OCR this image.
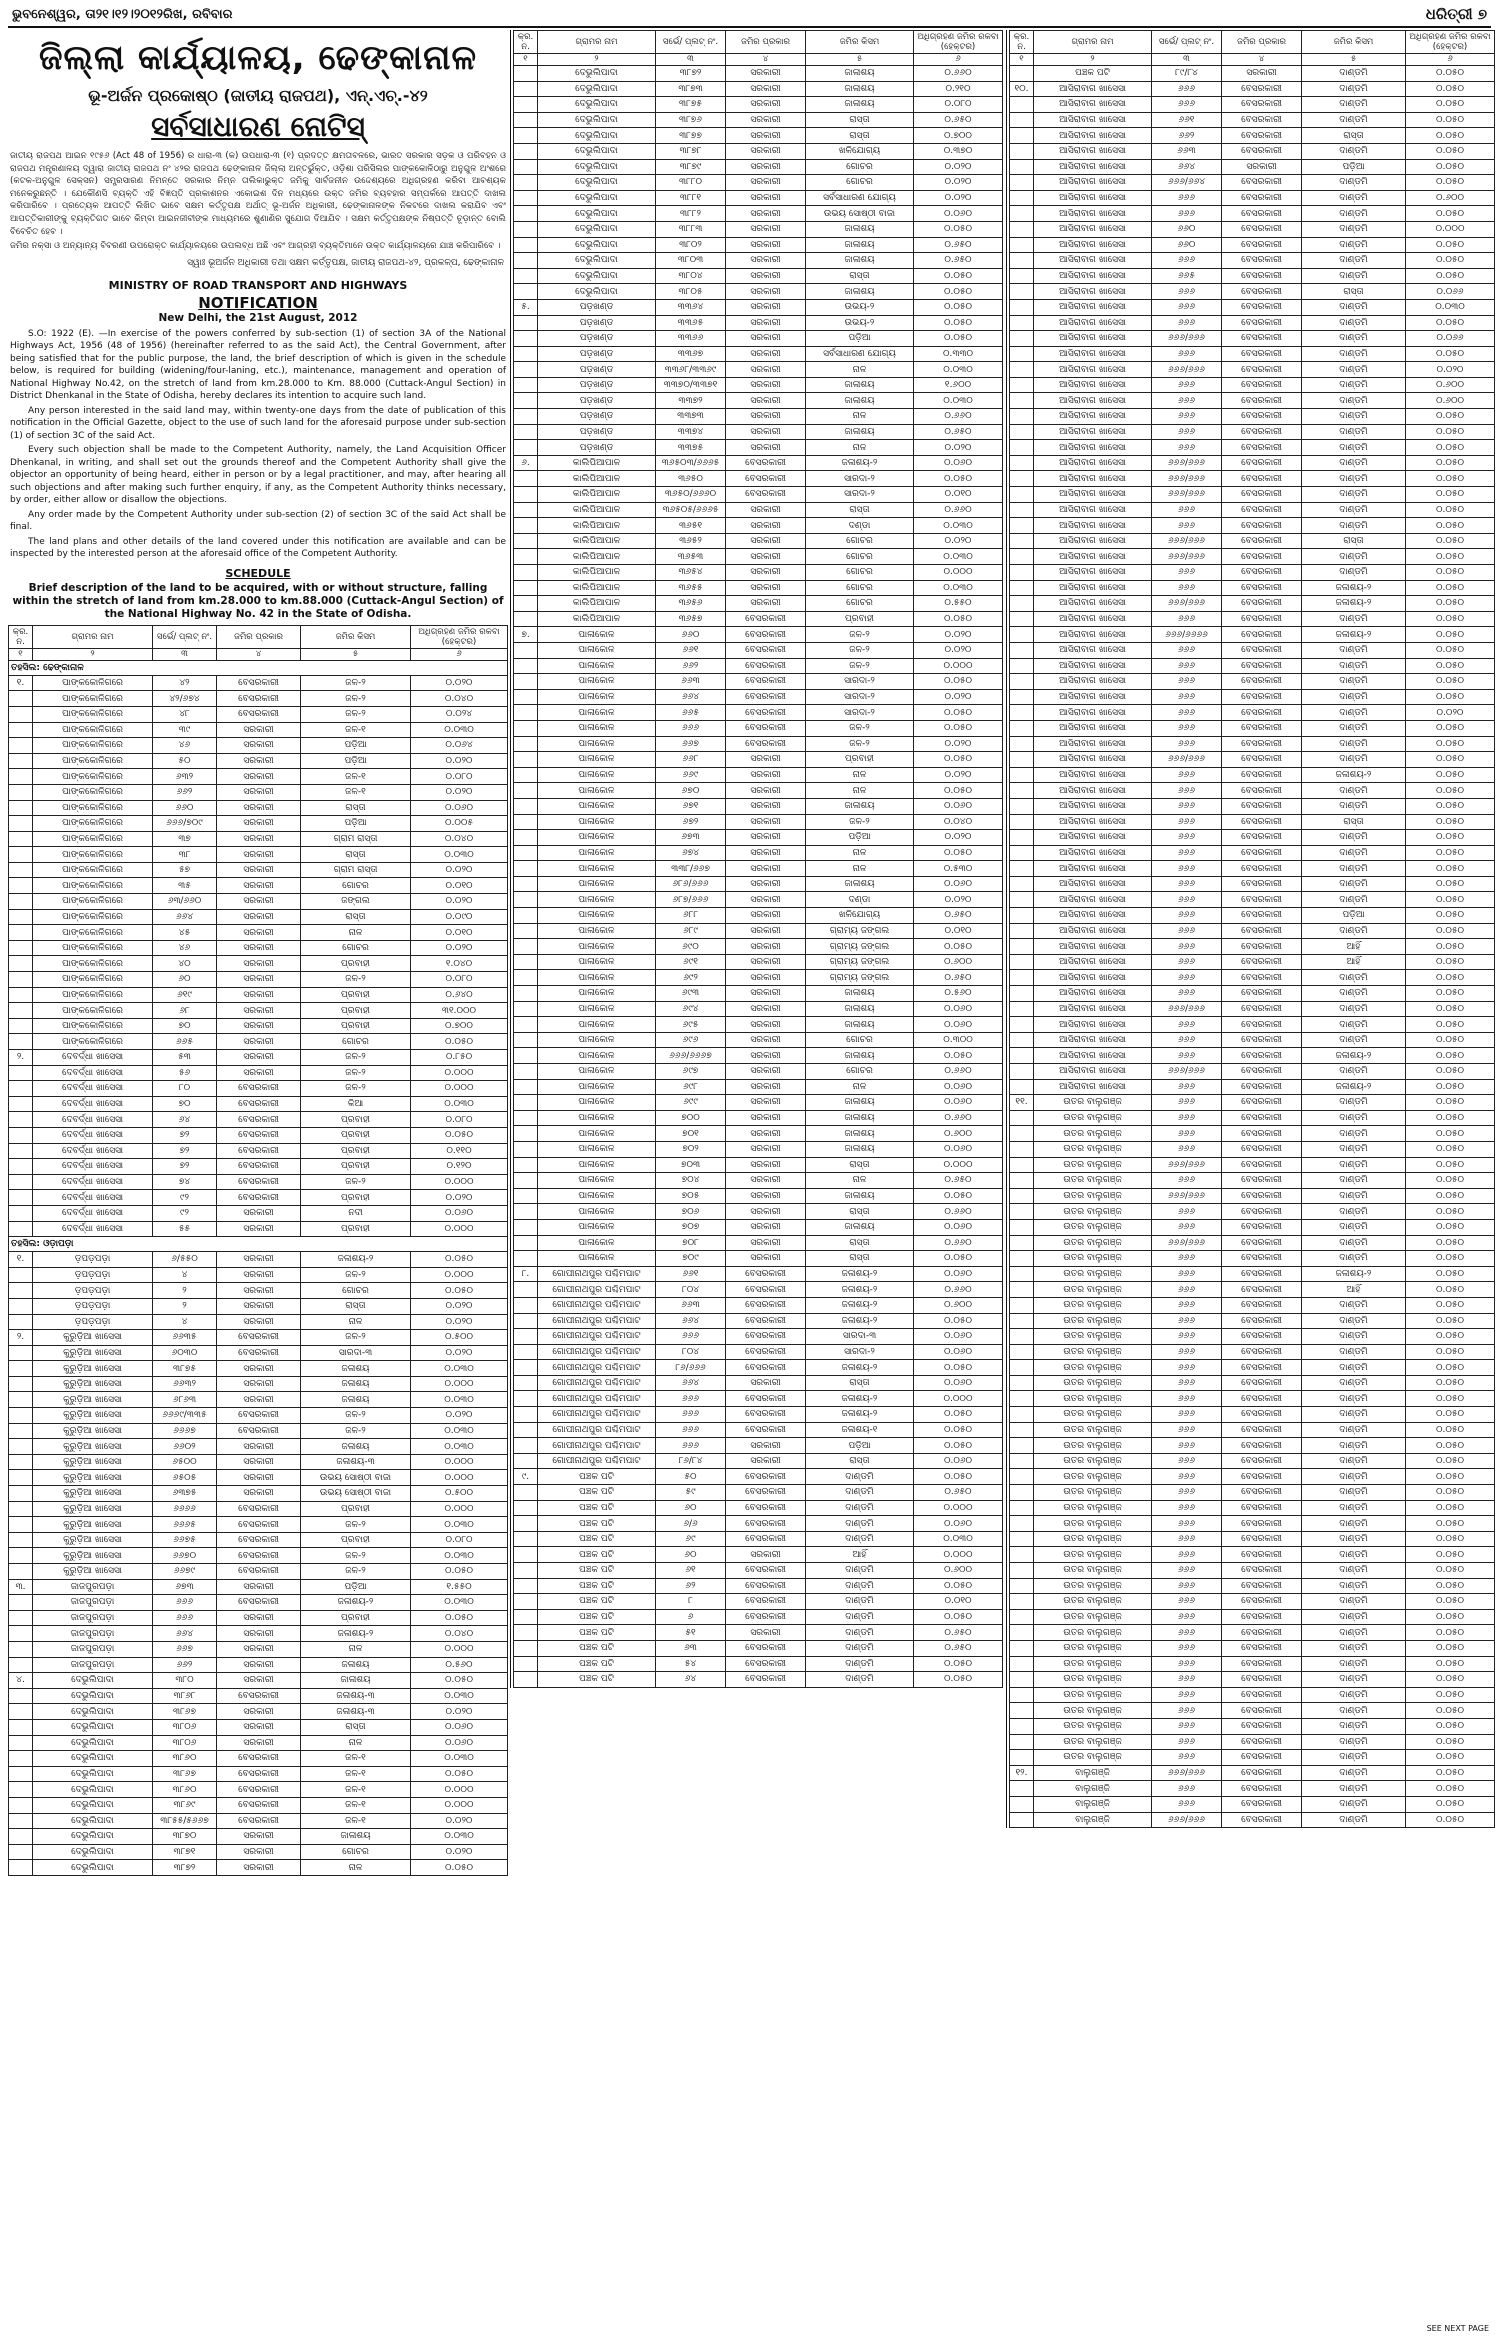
ଭୁବନେଶ୍ୱର, ତା୨୧।୧୨।୨୦୧୨ରିଖ, ରବିବାର	ଧରିତ୍ରୀ ୭
ଜିଲ୍ଲା କାର୍ଯ୍ୟାଳୟ, ଢେଙ୍କାନାଳ
ଭୂ-ଅର୍ଜନ ପ୍ରକୋଷ୍ଠ (ଜାତୀୟ ରାଜପଥ), ଏନ୍.ଏଚ୍.-୪୨
ସର୍ବସାଧାରଣ ନୋଟିସ୍

ଜାତୀୟ ରାଜପଥ ଆଇନ ୧୯୫୬ (Act 48 of 1956) ର ଧାରା-୩ (କ) ଉପଧାରା-୩ (୧) ପ୍ରଦତ୍ତ କ୍ଷମତାବଳରେ, ଭାରତ ସରକାର ସଡ଼କ ଓ ପରିବହନ ଓ ରାଜପଥ ମନ୍ତ୍ରଣାଳୟ ଦ୍ୱାରା ଜାତୀୟ ରାଜପଥ ନଂ ୪୨ର ରାଜପଥ ଢେଙ୍କାନାଳ ଜିଲ୍ଲା ଅନ୍ତର୍ଭୁକ୍ତ, ଓଡ଼ିଶା ପରିସିଲର ପାଙ୍କକୋଳିଠାରୁ ଅନୁଗୁଳ ଅଂଶରେ (କଟକ-ଅନୁଗୁଳ ସେକ୍ସନ) ସମ୍ପ୍ରସାରଣ ନିମନ୍ତେ ସରକାର ନିମ୍ନ ତାଲିକାଭୁକ୍ତ ଜମିକୁ ସାର୍ବଜନୀନ ଉଦ୍ଦେଶ୍ୟରେ ଅଧିଗ୍ରହଣ କରିବା ଆବଶ୍ୟକ ମନେକରୁଛନ୍ତି । ଯେକୌଣସି ବ୍ୟକ୍ତି ଏହି ବିଜ୍ଞପ୍ତି ପ୍ରକାଶନର ଏକୋଇଶ ଦିନ ମଧ୍ୟରେ ଉକ୍ତ ଜମିର ବ୍ୟବହାର ସମ୍ପର୍କରେ ଆପତ୍ତି ଦାଖଲ କରିପାରିବେ । ପ୍ରତ୍ୟେକ ଆପତ୍ତି ଲିଖିତ ଭାବେ ସକ୍ଷମ କର୍ତ୍ତୃପକ୍ଷ ଅର୍ଥାତ୍ ଭୂ-ଅର୍ଜନ ଅଧିକାରୀ, ଢେଙ୍କାନାଳଙ୍କ ନିକଟରେ ଦାଖଲ କରାଯିବ ଏବଂ ଆପତ୍ତିକାରୀଙ୍କୁ ବ୍ୟକ୍ତିଗତ ଭାବେ କିମ୍ବା ଆଇନଜୀବୀଙ୍କ ମାଧ୍ୟମରେ ଶୁଣାଣିର ସୁଯୋଗ ଦିଆଯିବ । ସକ୍ଷମ କର୍ତ୍ତୃପକ୍ଷଙ୍କ ନିଷ୍ପତ୍ତି ଚୂଡ଼ାନ୍ତ ବୋଲି ବିବେଚିତ ହେବ ।

ଜମିର ନକ୍ସା ଓ ଅନ୍ୟାନ୍ୟ ବିବରଣୀ ଉପରୋକ୍ତ କାର୍ଯ୍ୟାଳୟରେ ଉପଲବ୍ଧ ଅଛି ଏବଂ ଆଗ୍ରହୀ ବ୍ୟକ୍ତିମାନେ ଉକ୍ତ କାର୍ଯ୍ୟାଳୟରେ ଯାଞ୍ଚ କରିପାରିବେ ।

ସ୍ୱାଃ ଭୂଅର୍ଜନ ଅଧିକାରୀ ତଥା ସକ୍ଷମ କର୍ତ୍ତୃପକ୍ଷ, ଜାତୀୟ ରାଜପଥ-୪୨, ପ୍ରକଳ୍ପ, ଢେଙ୍କାନାଳ
MINISTRY OF ROAD TRANSPORT AND HIGHWAYS
NOTIFICATION
New Delhi, the 21st August, 2012

S.O: 1922 (E). —In exercise of the powers conferred by sub-section (1) of section 3A of the National Highways Act, 1956 (48 of 1956) (hereinafter referred to as the said Act), the Central Government, after being satisfied that for the public purpose, the land, the brief description of which is given in the schedule below, is required for building (widening/four-laning, etc.), maintenance, management and operation of National Highway No.42, on the stretch of land from km.28.000 to Km. 88.000 (Cuttack-Angul Section) in District Dhenkanal in the State of Odisha, hereby declares its intention to acquire such land.

Any person interested in the said land may, within twenty-one days from the date of publication of this notification in the Official Gazette, object to the use of such land for the aforesaid purpose under sub-section (1) of section 3C of the said Act.

Every such objection shall be made to the Competent Authority, namely, the Land Acquisition Officer Dhenkanal, in writing, and shall set out the grounds thereof and the Competent Authority shall give the objector an opportunity of being heard, either in person or by a legal practitioner, and may, after hearing all such objections and after making such further enquiry, if any, as the Competent Authority thinks necessary, by order, either allow or disallow the objections.

Any order made by the Competent Authority under sub-section (2) of section 3C of the said Act shall be final.

The land plans and other details of the land covered under this notification are available and can be inspected by the interested person at the aforesaid office of the Competent Authority.

SCHEDULE
Brief description of the land to be acquired, with or without structure, falling within the stretch of land from km.28.000 to km.88.000 (Cuttack-Angul Section) of the National Highway No. 42 in the State of Odisha.
କ୍ର. ନ.	ଗ୍ରାମର ନାମ	ସର୍ଭେ/ ପ୍ଲଟ୍ ନଂ.	ଜମିର ପ୍ରକାର	ଜମିର କିସମ	ଅଧିଗ୍ରହଣ ଜମିର ରକବା (ହେକ୍ଟର)
୧	୨	୩	୪	୫	୬
ତହସିଲ: ଢେଙ୍କାନାଳ					
୧.	ପାଙ୍କକୋଳିଗରେ	୪୨	ବେସରକାରୀ	ଜଳ-୨	୦.୦୨୦
	ପାଙ୍କକୋଳିଗରେ	୪୨/୬୭୪	ବେସରକାରୀ	ଜଳ-୨	୦.୦୪୦
	ପାଙ୍କକୋଳିଗରେ	୪୮	ବେସରକାରୀ	ଜଳ-୨	୦.୦୨୪
	ପାଙ୍କକୋଳିଗରେ	୩୯	ସରକାରୀ	ଜଳ-୧	୦.୦୩୦
	ପାଙ୍କକୋଳିଗରେ	୪୬	ସରକାରୀ	ପଡ଼ିଆ	୦.୦୬୪
	ପାଙ୍କକୋଳିଗରେ	୫୦	ସରକାରୀ	ପଡ଼ିଆ	୦.୦୨୦
	ପାଙ୍କକୋଳିଗରେ	୬୩୨	ସରକାରୀ	ଜଳ-୧	୦.୦୮୦
	ପାଙ୍କକୋଳିଗରେ	୬୬୨	ସରକାରୀ	ଜଳ-୧	୦.୦୨୦
	ପାଙ୍କକୋଳିଗରେ	୬୬୦	ସରକାରୀ	ରାସ୍ତା	୦.୦୬୦
	ପାଙ୍କକୋଳିଗରେ	୬୬୬/୭୦୯	ସରକାରୀ	ପଡ଼ିଆ	୦.୦୦୫
	ପାଙ୍କକୋଳିଗରେ	୩୭	ସରକାରୀ	ଗ୍ରାମ ରାସ୍ତା	୦.୦୪୦
	ପାଙ୍କକୋଳିଗରେ	୩୮	ସରକାରୀ	ରାସ୍ତା	୦.୦୩୦
	ପାଙ୍କକୋଳିଗରେ	୫୭	ସରକାରୀ	ଗ୍ରାମ ରାସ୍ତା	୦.୦୨୦
	ପାଙ୍କକୋଳିଗରେ	୩୫	ସରକାରୀ	ଗୋଚର	୦.୦୧୦
	ପାଙ୍କକୋଳିଗରେ	୬୩/୬୬୦	ସରକାରୀ	ଜଙ୍ଗଲ	୦.୦୨୦
	ପାଙ୍କକୋଳିଗରେ	୬୬୪	ସରକାରୀ	ରାସ୍ତା	୦.୦୯୦
	ପାଙ୍କକୋଳିଗରେ	୪୫	ସରକାରୀ	ନାଳ	୦.୦୧୦
	ପାଙ୍କକୋଳିଗରେ	୪୬	ସରକାରୀ	ଗୋଚର	୦.୦୨୦
	ପାଙ୍କକୋଳିଗରେ	୪୦	ସରକାରୀ	ପ୍ରବାହୀ	୧.୦୪୦
	ପାଙ୍କକୋଳିଗରେ	୬୦	ସରକାରୀ	ଜଳ-୨	୦.୦୮୦
	ପାଙ୍କକୋଳିଗରେ	୬୧୯	ସରକାରୀ	ପ୍ରବାହୀ	୦.୬୪୦
	ପାଙ୍କକୋଳିଗରେ	୬୮	ସରକାରୀ	ପ୍ରବାହୀ	୩୧.୦୦୦
	ପାଙ୍କକୋଳିଗରେ	୭୦	ସରକାରୀ	ପ୍ରବାହୀ	୦.୭୦୦
	ପାଙ୍କକୋଳିଗରେ	୬୬୫	ସରକାରୀ	ଗୋଚର	୦.୦୫୦
୨.	ଦେବର୍ଦ୍ଧା ଖାସେସା	୫୩	ସରକାରୀ	ଜଳ-୨	୦.୮୫୦
	ଦେବର୍ଦ୍ଧା ଖାସେସା	୫୬	ସରକାରୀ	ଜଳ-୨	୦.୦୦୦
	ଦେବର୍ଦ୍ଧା ଖାସେସା	୮୦	ବେସରକାରୀ	ଜଳ-୨	୦.୦୦୦
	ଦେବର୍ଦ୍ଧା ଖାସେସା	୭୦	ବେସରକାରୀ	କିଆ	୦.୦୩୦
	ଦେବର୍ଦ୍ଧା ଖାସେସା	୬୪	ବେସରକାରୀ	ପ୍ରବାହୀ	୦.୦୮୦
	ଦେବର୍ଦ୍ଧା ଖାସେସା	୭୨	ବେସରକାରୀ	ପ୍ରବାହୀ	୦.୦୫୦
	ଦେବର୍ଦ୍ଧା ଖାସେସା	୭୨	ବେସରକାରୀ	ପ୍ରବାହୀ	୦.୧୧୦
	ଦେବର୍ଦ୍ଧା ଖାସେସା	୭୨	ବେସରକାରୀ	ପ୍ରବାହୀ	୦.୧୨୦
	ଦେବର୍ଦ୍ଧା ଖାସେସା	୭୪	ବେସରକାରୀ	ଜଳ-୨	୦.୦୦୦
	ଦେବର୍ଦ୍ଧା ଖାସେସା	୯୨	ବେସରକାରୀ	ପ୍ରବାହୀ	୦.୦୨୦
	ଦେବର୍ଦ୍ଧା ଖାସେସା	୯୨	ସରକାରୀ	ନଦୀ	୦.୦୬୦
	ଦେବର୍ଦ୍ଧା ଖାସେସା	୫୫	ସରକାରୀ	ପ୍ରବାହୀ	୦.୦୦୦
ତହସିଲ: ଓଡ଼ାପଡ଼ା					
୧.	ଡ଼ପଡ଼ପଡ଼ା	୬/୫୫୦	ସରକାରୀ	ଜଳାଶୟ-୨	୦.୦୫୦
	ଡ଼ପଡ଼ପଡ଼ା	୪	ସରକାରୀ	ଜଳ-୨	୦.୦୦୦
	ଡ଼ପଡ଼ପଡ଼ା	୨	ସରକାରୀ	ଗୋଚର	୦.୦୫୦
	ଡ଼ପଡ଼ପଡ଼ା	୨	ସରକାରୀ	ରାସ୍ତା	୦.୦୨୦
	ଡ଼ପଡ଼ପଡ଼ା	୪	ସରକାରୀ	ନାଳ	୦.୦୨୦
୨.	କୁରୁଡ଼ିଆ ଖାସେସା	୬୬୩୫	ବେସରକାରୀ	ଜଳ-୨	୦.୫୦୦
	କୁରୁଡ଼ିଆ ଖାସେସା	୬୦୩୦	ବେସରକାରୀ	ସାରଦା-୩	୦.୦୨୦
	କୁରୁଡ଼ିଆ ଖାସେସା	୩୮୭୫	ସରକାରୀ	ଜଳାଶୟ	୦.୦୩୦
	କୁରୁଡ଼ିଆ ଖାସେସା	୬୬୩୨	ସରକାରୀ	ଜଳାଶୟ	୦.୦୦୦
	କୁରୁଡ଼ିଆ ଖାସେସା	୬୮୬୩	ସରକାରୀ	ଜଳାଶୟ	୦.୦୩୦
	କୁରୁଡ଼ିଆ ଖାସେସା	୬୬୬୯/୩୩୫	ବେସରକାରୀ	ଜଳ-୨	୦.୦୨୦
	କୁରୁଡ଼ିଆ ଖାସେସା	୬୬୬୭	ବେସରକାରୀ	ଜଳ-୨	୦.୦୩୦
	କୁରୁଡ଼ିଆ ଖାସେସା	୬୬୦୨	ସରକାରୀ	ଜଳାଶୟ	୦.୦୩୦
	କୁରୁଡ଼ିଆ ଖାସେସା	୬୫୦୦	ସରକାରୀ	ଜଳାଶୟ-୩	୦.୦୦୦
	କୁରୁଡ଼ିଆ ଖାସେସା	୬୫୦୫	ସରକାରୀ	ଉଭୟ ସୋଷ୍ଠୀ ବାଜା	୦.୦୦୦
	କୁରୁଡ଼ିଆ ଖାସେସା	୬୩୭୫	ସରକାରୀ	ଉଭୟ ସୋଷ୍ଠୀ ବାଜା	୦.୫୦୦
	କୁରୁଡ଼ିଆ ଖାସେସା	୬୬୬୬	ବେସରକାରୀ	ପ୍ରବାହୀ	୦.୦୦୦
	କୁରୁଡ଼ିଆ ଖାସେସା	୬୬୬୫	ବେସରକାରୀ	ଜଳ-୨	୦.୦୩୦
	କୁରୁଡ଼ିଆ ଖାସେସା	୬୬୭୫	ବେସରକାରୀ	ପ୍ରବାହୀ	୦.୦୮୦
	କୁରୁଡ଼ିଆ ଖାସେସା	୬୬୭୦	ବେସରକାରୀ	ଜଳ-୨	୦.୦୩୦
	କୁରୁଡ଼ିଆ ଖାସେସା	୬୬୭୯	ବେସରକାରୀ	ଜଳ-୨	୦.୦୫୦
୩.	ଜାଜପୁରପଡ଼ା	୬୭୩	ସରକାରୀ	ପଡ଼ିଆ	୧.୫୫୦
	ଜାଜପୁରପଡ଼ା	୬୬୬	ବେସରକାରୀ	ଜଳାଶୟ-୨	୦.୦୩୦
	ଜାଜପୁରପଡ଼ା	୬୬୬	ସରକାରୀ	ପ୍ରବାହୀ	୦.୦୫୦
	ଜାଜପୁରପଡ଼ା	୬୬୪	ସରକାରୀ	ଜଳାଶୟ-୨	୦.୦୪୦
	ଜାଜପୁରପଡ଼ା	୬୬୭	ସରକାରୀ	ନାଳ	୦.୦୦୦
	ଜାଜପୁରପଡ଼ା	୬୬୨	ସରକାରୀ	ଜଳାଶୟ	୦.୫୬୦
୪.	ଦେଭୁଲିପାଦା	୩୮୦	ସରକାରୀ	ଜାଳାଶୟ	୦.୦୫୦
	ଦେଭୁଲିପାଦା	୩୮୬୮	ବେସରକାରୀ	ଜଳାଶୟ-୩	୦.୦୩୦
	ଦେଭୁଲିପାଦା	୩୮୬୭	ସରକାରୀ	ଜଳାଶୟ-୩	୦.୦୨୦
	ଦେଭୁଲିପାଦା	୩୮୦୬	ସରକାରୀ	ରାସ୍ତା	୦.୦୬୦
	ଦେଭୁଲିପାଦା	୩୮୦୬	ସରକାରୀ	ନାଳ	୦.୦୬୦
	ଦେଭୁଲିପାଦା	୩୮୬୦	ବେସରକାରୀ	ଜଳ-୧	୦.୦୩୦
	ଦେଭୁଲିପାଦା	୩୮୬୭	ବେସରକାରୀ	ଜଳ-୧	୦.୦୫୦
	ଦେଭୁଲିପାଦା	୩୮୬୦	ବେସରକାରୀ	ଜଳ-୧	୦.୦୦୦
	ଦେଭୁଲିପାଦା	୩୮୬୯	ବେସରକାରୀ	ଜଳ-୧	୦.୦୦୦
	ଦେଭୁଲିପାଦା	୩୮୫୫/୫୬୬୭	ବେସରକାରୀ	ଜଳ-୧	୦.୦୨୦
	ଦେଭୁଲିପାଦା	୩୮୭୦	ସରକାରୀ	ଜାଳାଶୟ	୦.୦୩୦
	ଦେଭୁଲିପାଦା	୩୮୭୧	ସରକାରୀ	ଗୋଚର	୦.୦୨୦
	ଦେଭୁଲିପାଦା	୩୮୭୨	ସରକାରୀ	ନାଳ	୦.୦୫୦
କ୍ର. ନ.	ଗ୍ରାମର ନାମ	ସର୍ଭେ/ ପ୍ଲଟ୍ ନଂ.	ଜମିର ପ୍ରକାର	ଜମିର କିସମ	ଅଧିଗ୍ରହଣ ଜମିର ରକବା (ହେକ୍ଟର)
୧	୨	୩	୪	୫	୬
	ଦେଭୁଲିପାଦା	୩୮୭୨	ସରକାରୀ	ଜାଳାଶୟ	୦.୬୬୦
	ଦେଭୁଲିପାଦା	୩୮୭୩	ସରକାରୀ	ଜାଳାଶୟ	୦.୨୧୦
	ଦେଭୁଲିପାଦା	୩୮୭୫	ସରକାରୀ	ଜାଳାଶୟ	୦.୦୮୦
	ଦେଭୁଲିପାଦା	୩୮୭୬	ସରକାରୀ	ରାସ୍ତା	୦.୬୫୦
	ଦେଭୁଲିପାଦା	୩୮୭୭	ସରକାରୀ	ରାସ୍ତା	୦.୭୦୦
	ଦେଭୁଲିପାଦା	୩୮୭୮	ସରକାରୀ	ଖଳିଯୋଗ୍ୟ	୦.୩୭୦
	ଦେଭୁଲିପାଦା	୩୮୭୯	ସରକାରୀ	ଗୋଚର	୦.୦୨୦
	ଦେଭୁଲିପାଦା	୩୮୮୦	ସରକାରୀ	ଗୋଚର	୦.୦୨୦
	ଦେଭୁଲିପାଦା	୩୮୮୧	ସରକାରୀ	ସର୍ବସାଧାରଣ ଯୋଗ୍ୟ	୦.୦୨୦
	ଦେଭୁଲିପାଦା	୩୮୮୨	ସରକାରୀ	ଉଭୟ ସୋଷ୍ଠୀ ବାଜା	୦.୦୬୦
	ଦେଭୁଲିପାଦା	୩୮୮୩	ସରକାରୀ	ଜାଳାଶୟ	୦.୦୫୦
	ଦେଭୁଲିପାଦା	୩୮୦୨	ସରକାରୀ	ଜାଳାଶୟ	୦.୬୫୦
	ଦେଭୁଲିପାଦା	୩୮୦୩	ସରକାରୀ	ଜାଳାଶୟ	୦.୬୫୦
	ଦେଭୁଲିପାଦା	୩୮୦୪	ସରକାରୀ	ରାସ୍ତା	୦.୦୫୦
	ଦେଭୁଲିପାଦା	୩୮୦୫	ସରକାରୀ	ଜାଳାଶୟ	୦.୦୫୦
୫.	ପଡ଼ଖଣ୍ଡ	୩୩୬୪	ସରକାରୀ	ଉଭୟ-୨	୦.୦୫୦
	ପଡ଼ଖଣ୍ଡ	୩୩୬୫	ସରକାରୀ	ଉଭୟ-୨	୦.୦୫୦
	ପଡ଼ଖଣ୍ଡ	୩୩୬୬	ସରକାରୀ	ପଡ଼ିଆ	୦.୦୫୦
	ପଡ଼ଖଣ୍ଡ	୩୩୬୭	ସରକାରୀ	ସର୍ବସାଧାରଣ ଯୋଗ୍ୟ	୦.୩୩୦
	ପଡ଼ଖଣ୍ଡ	୩୩୬୮/୩୩୬୯	ସରକାରୀ	ନାଳ	୦.୦୩୦
	ପଡ଼ଖଣ୍ଡ	୩୩୭୦/୩୩୭୧	ସରକାରୀ	ଜାଳାଶୟ	୧.୬୦୦
	ପଡ଼ଖଣ୍ଡ	୩୩୭୨	ସରକାରୀ	ଜାଳାଶୟ	୦.୦୩୦
	ପଡ଼ଖଣ୍ଡ	୩୩୭୩	ସରକାରୀ	ନାଳ	୦.୬୬୦
	ପଡ଼ଖଣ୍ଡ	୩୩୭୪	ସରକାରୀ	ଜାଳାଶୟ	୦.୬୫୦
	ପଡ଼ଖଣ୍ଡ	୩୩୭୫	ସରକାରୀ	ନାଳ	୦.୦୨୦
୬.	କାଲିପିଆପାଳ	୩୬୫୦୩/୬୬୬୫	ବେସରକାରୀ	ଜଳାଶୟ-୨	୦.୦୬୦
	କାଲିପିଆପାଳ	୩୬୫୦	ବେସରକାରୀ	ସାରଦା-୨	୦.୦୫୦
	କାଲିପିଆପାଳ	୩୬୫୦/୬୬୬୦	ବେସରକାରୀ	ସାରଦା-୨	୦.୦୧୦
	କାଲିପିଆପାଳ	୩୬୫୦୫/୬୬୬୫	ସରକାରୀ	ରାସ୍ତା	୦.୬୬୦
	କାଲିପିଆପାଳ	୩୬୫୧	ସରକାରୀ	ଦଣ୍ଡା	୦.୦୩୦
	କାଲିପିଆପାଳ	୩୬୫୨	ସରକାରୀ	ଗୋଚର	୦.୦୨୦
	କାଲିପିଆପାଳ	୩୬୫୩	ସରକାରୀ	ଗୋଚର	୦.୦୩୦
	କାଲିପିଆପାଳ	୩୬୫୪	ସରକାରୀ	ଗୋଚର	୦.୦୦୦
	କାଲିପିଆପାଳ	୩୬୫୫	ସରକାରୀ	ଗୋଚର	୦.୦୩୦
	କାଲିପିଆପାଳ	୩୬୫୬	ସରକାରୀ	ଗୋଚର	୦.୫୫୦
	କାଲିପିଆପାଳ	୩୬୫୭	ବେସରକାରୀ	ପ୍ରବାହୀ	୦.୦୫୦
୭.	ପାଳାକୋଳ	୬୬୦	ବେସରକାରୀ	ଜଳ-୨	୦.୦୨୦
	ପାଳାକୋଳ	୬୬୧	ବେସରକାରୀ	ଜଳ-୨	୦.୦୨୦
	ପାଳାକୋଳ	୬୬୨	ବେସରକାରୀ	ଜଳ-୨	୦.୦୦୦
	ପାଳାକୋଳ	୬୬୩	ବେସରକାରୀ	ସାରଦା-୨	୦.୦୫୦
	ପାଳାକୋଳ	୬୬୪	ବେସରକାରୀ	ସାରଦା-୨	୦.୦୨୦
	ପାଳାକୋଳ	୬୬୫	ବେସରକାରୀ	ସାରଦା-୨	୦.୦୫୦
	ପାଳାକୋଳ	୬୬୬	ବେସରକାରୀ	ଜଳ-୨	୦.୦୫୦
	ପାଳାକୋଳ	୬୬୭	ବେସରକାରୀ	ଜଳ-୨	୦.୦୨୦
	ପାଳାକୋଳ	୬୬୮	ସରକାରୀ	ପ୍ରବାହୀ	୦.୦୫୦
	ପାଳାକୋଳ	୬୬୯	ସରକାରୀ	ନାଳ	୦.୦୨୦
	ପାଳାକୋଳ	୬୭୦	ସରକାରୀ	ନାଳ	୦.୦୫୦
	ପାଳାକୋଳ	୬୭୧	ସରକାରୀ	ଜାଳାଶୟ	୦.୦୬୦
	ପାଳାକୋଳ	୬୭୨	ସରକାରୀ	ଜଳ-୨	୦.୦୪୦
	ପାଳାକୋଳ	୬୭୩	ସରକାରୀ	ପଡ଼ିଆ	୦.୦୨୦
	ପାଳାକୋଳ	୬୭୪	ସରକାରୀ	ନାଳ	୦.୦୫୦
	ପାଳାକୋଳ	୩୩୮/୬୬୭	ସରକାରୀ	ନାଳ	୦.୫୩୦
	ପାଳାକୋଳ	୬୮୬/୬୬୬	ସରକାରୀ	ଜାଳାଶୟ	୦.୦୬୦
	ପାଳାକୋଳ	୬୮୭/୬୬୬	ସରକାରୀ	ଦଣ୍ଡା	୦.୦୨୦
	ପାଳାକୋଳ	୬୮୮	ସରକାରୀ	ଖଳିଯୋଗ୍ୟ	୦.୬୫୦
	ପାଳାକୋଳ	୬୮୯	ସରକାରୀ	ଗ୍ରାମ୍ୟ ଜଙ୍ଗଲ	୦.୦୧୦
	ପାଳାକୋଳ	୬୯୦	ସରକାରୀ	ଗ୍ରାମ୍ୟ ଜଙ୍ଗଲ	୦.୦୫୦
	ପାଳାକୋଳ	୬୯୧	ସରକାରୀ	ଗ୍ରାମ୍ୟ ଜଙ୍ଗଲ	୦.୬୦୦
	ପାଳାକୋଳ	୬୯୨	ସରକାରୀ	ଗ୍ରାମ୍ୟ ଜଙ୍ଗଲ	୦.୬୫୦
	ପାଳାକୋଳ	୬୯୩	ସରକାରୀ	ଜାଳାଶୟ	୦.୫୬୦
	ପାଳାକୋଳ	୬୯୪	ସରକାରୀ	ଜାଳାଶୟ	୦.୦୬୦
	ପାଳାକୋଳ	୬୯୫	ସରକାରୀ	ଜାଳାଶୟ	୦.୦୬୦
	ପାଳାକୋଳ	୬୯୬	ସରକାରୀ	ଗୋଚର	୦.୩୦୦
	ପାଳାକୋଳ	୬୬୬/୬୬୬୭	ସରକାରୀ	ଜାଳାଶୟ	୦.୦୫୦
	ପାଳାକୋଳ	୬୯୭	ସରକାରୀ	ଗୋଚର	୦.୬୬୦
	ପାଳାକୋଳ	୬୯୮	ସରକାରୀ	ନାଳ	୦.୦୬୦
	ପାଳାକୋଳ	୬୯୯	ସରକାରୀ	ଜାଳାଶୟ	୦.୦୬୦
	ପାଳାକୋଳ	୭୦୦	ସରକାରୀ	ଜାଳାଶୟ	୦.୬୬୦
	ପାଳାକୋଳ	୭୦୧	ସରକାରୀ	ଜାଳାଶୟ	୦.୬୦୦
	ପାଳାକୋଳ	୭୦୨	ସରକାରୀ	ଜାଳାଶୟ	୦.୦୬୦
	ପାଳାକୋଳ	୭୦୩	ସରକାରୀ	ରାସ୍ତା	୦.୦୦୦
	ପାଳାକୋଳ	୭୦୪	ସରକାରୀ	ନାଳ	୦.୬୫୦
	ପାଳାକୋଳ	୭୦୫	ସରକାରୀ	ଜାଳାଶୟ	୦.୦୫୦
	ପାଳାକୋଳ	୭୦୬	ସରକାରୀ	ରାସ୍ତା	୦.୬୬୦
	ପାଳାକୋଳ	୭୦୭	ସରକାରୀ	ଜାଳାଶୟ	୦.୦୬୦
	ପାଳାକୋଳ	୭୦୮	ସରକାରୀ	ରାସ୍ତା	୦.୬୬୦
	ପାଳାକୋଳ	୭୦୯	ସରକାରୀ	ରାସ୍ତା	୦.୦୫୦
୮.	ଗୋପୀନାଥପୁର ପଶ୍ଚିମପାଟ	୬୬୧	ବେସରକାରୀ	ଜଳାଶୟ-୨	୦.୦୬୦
	ଗୋପୀନାଥପୁର ପଶ୍ଚିମପାଟ	୮୦୪	ବେସରକାରୀ	ଜଳାଶୟ-୨	୦.୬୬୦
	ଗୋପୀନାଥପୁର ପଶ୍ଚିମପାଟ	୬୬୩	ବେସରକାରୀ	ଜଳାଶୟ-୨	୦.୬୦୦
	ଗୋପୀନାଥପୁର ପଶ୍ଚିମପାଟ	୬୬୪	ବେସରକାରୀ	ଜଳାଶୟ-୨	୦.୦୫୦
	ଗୋପୀନାଥପୁର ପଶ୍ଚିମପାଟ	୬୬୬	ବେସରକାରୀ	ସାରଦା-୩	୦.୦୬୦
	ଗୋପୀନାଥପୁର ପଶ୍ଚିମପାଟ	୮୦୪	ବେସରକାରୀ	ସାରଦା-୨	୦.୦୬୦
	ଗୋପୀନାଥପୁର ପଶ୍ଚିମପାଟ	୮୬/୬୬୬	ବେସରକାରୀ	ଜଳାଶୟ-୨	୦.୦୫୦
	ଗୋପୀନାଥପୁର ପଶ୍ଚିମପାଟ	୬୬୪	ସରକାରୀ	ରାସ୍ତା	୦.୦୬୦
	ଗୋପୀନାଥପୁର ପଶ୍ଚିମପାଟ	୬୬୬	ବେସରକାରୀ	ଜଳାଶୟ-୨	୦.୦୦୦
	ଗୋପୀନାଥପୁର ପଶ୍ଚିମପାଟ	୬୬୬	ବେସରକାରୀ	ଜଳାଶୟ-୨	୦.୦୫୦
	ଗୋପୀନାଥପୁର ପଶ୍ଚିମପାଟ	୬୬୬	ବେସରକାରୀ	ଜଳାଶୟ-୧	୦.୦୫୦
	ଗୋପୀନାଥପୁର ପଶ୍ଚିମପାଟ	୬୬୬	ସରକାରୀ	ପଡ଼ିଆ	୦.୦୫୦
	ଗୋପୀନାଥପୁର ପଶ୍ଚିମପାଟ	୮୬/୮୪	ସରକାରୀ	ରାସ୍ତା	୦.୦୬୦
୯.	ପଞ୍ଚକ ପଟି	୫୦	ବେସରକାରୀ	ଦାଣ୍ଡମି	୦.୦୫୦
	ପଞ୍ଚକ ପଟି	୫୯	ବେସରକାରୀ	ଦାଣ୍ଡମି	୦.୬୫୦
	ପଞ୍ଚକ ପଟି	୬୦	ବେସରକାରୀ	ଦାଣ୍ଡମି	୦.୦୦୦
	ପଞ୍ଚକ ପଟି	୬/୬	ବେସରକାରୀ	ଦାଣ୍ଡମି	୦.୦୬୦
	ପଞ୍ଚକ ପଟି	୬୯	ବେସରକାରୀ	ଦାଣ୍ଡମି	୦.୦୩୦
	ପଞ୍ଚକ ପଟି	୬୦	ସରକାରୀ	ଆହିଁ	୦.୦୦୦
	ପଞ୍ଚକ ପଟି	୬୧	ବେସରକାରୀ	ଦାଣ୍ଡମି	୦.୬୦୦
	ପଞ୍ଚକ ପଟି	୬୨	ବେସରକାରୀ	ଦାଣ୍ଡମି	୦.୦୫୦
	ପଞ୍ଚକ ପଟି	୮	ବେସରକାରୀ	ଦାଣ୍ଡମି	୦.୦୧୦
	ପଞ୍ଚକ ପଟି	୬	ବେସରକାରୀ	ଦାଣ୍ଡମି	୦.୦୫୦
	ପଞ୍ଚକ ପଟି	୫୧	ସରକାରୀ	ଦାଣ୍ଡମି	୦.୬୫୦
	ପଞ୍ଚକ ପଟି	୬୩	ବେସରକାରୀ	ଦାଣ୍ଡମି	୦.୬୫୦
	ପଞ୍ଚକ ପଟି	୫୪	ବେସରକାରୀ	ଦାଣ୍ଡମି	୦.୦୫୦
	ପଞ୍ଚକ ପଟି	୬୪	ବେସରକାରୀ	ଦାଣ୍ଡମି	୦.୦୫୦
କ୍ର. ନ.	ଗ୍ରାମର ନାମ	ସର୍ଭେ/ ପ୍ଲଟ୍ ନଂ.	ଜମିର ପ୍ରକାର	ଜମିର କିସମ	ଅଧିଗ୍ରହଣ ଜମିର ରକବା (ହେକ୍ଟର)
୧	୨	୩	୪	୫	୬
	ପଞ୍ଚକ ପଟି	୮୯/୮୪	ସରକାରୀ	ଦାଣ୍ଡମି	୦.୦୫୦
୧୦.	ଆସିରାବାଗ ଖାସେସା	୬୬୬	ବେସରକାରୀ	ଦାଣ୍ଡମି	୦.୦୫୦
	ଆସିରାବାଗ ଖାସେସା	୬୬୬	ବେସରକାରୀ	ଦାଣ୍ଡମି	୦.୦୫୦
	ଆସିରାବାଗ ଖାସେସା	୬୬୧	ବେସରକାରୀ	ଦାଣ୍ଡମି	୦.୦୫୦
	ଆସିରାବାଗ ଖାସେସା	୬୬୨	ବେସରକାରୀ	ରାସ୍ତା	୦.୦୫୦
	ଆସିରାବାଗ ଖାସେସା	୬୬୩	ବେସରକାରୀ	ଦାଣ୍ଡମି	୦.୦୫୦
	ଆସିରାବାଗ ଖାସେସା	୬୬୪	ସରକାରୀ	ପଡ଼ିଆ	୦.୦୫୦
	ଆସିରାବାଗ ଖାସେସା	୬୬୬/୬୬୪	ବେସରକାରୀ	ଦାଣ୍ଡମି	୦.୦୫୦
	ଆସିରାବାଗ ଖାସେସା	୬୬୬	ବେସରକାରୀ	ଦାଣ୍ଡମି	୦.୬୦୦
	ଆସିରାବାଗ ଖାସେସା	୬୬୬	ବେସରକାରୀ	ଦାଣ୍ଡମି	୦.୦୫୦
	ଆସିରାବାଗ ଖାସେସା	୬୬୦	ବେସରକାରୀ	ଦାଣ୍ଡମି	୦.୦୦୦
	ଆସିରାବାଗ ଖାସେସା	୬୬୦	ବେସରକାରୀ	ଦାଣ୍ଡମି	୦.୦୫୦
	ଆସିରାବାଗ ଖାସେସା	୬୬୬	ବେସରକାରୀ	ଦାଣ୍ଡମି	୦.୦୫୦
	ଆସିରାବାଗ ଖାସେସା	୬୬୫	ବେସରକାରୀ	ଦାଣ୍ଡମି	୦.୦୫୦
	ଆସିରାବାଗ ଖାସେସା	୬୬୬	ବେସରକାରୀ	ରାସ୍ତା	୦.୦୬୬
	ଆସିରାବାଗ ଖାସେସା	୬୬୬	ବେସରକାରୀ	ଦାଣ୍ଡମି	୦.୦୩୦
	ଆସିରାବାଗ ଖାସେସା	୬୬୬	ବେସରକାରୀ	ଦାଣ୍ଡମି	୦.୦୫୦
	ଆସିରାବାଗ ଖାସେସା	୬୬୬/୬୬୬	ବେସରକାରୀ	ଦାଣ୍ଡମି	୦.୦୬୬
	ଆସିରାବାଗ ଖାସେସା	୬୬୬	ବେସରକାରୀ	ଦାଣ୍ଡମି	୦.୦୫୦
	ଆସିରାବାଗ ଖାସେସା	୬୬୬/୬୬୬	ବେସରକାରୀ	ଦାଣ୍ଡମି	୦.୦୨୦
	ଆସିରାବାଗ ଖାସେସା	୬୬୬	ବେସରକାରୀ	ଦାଣ୍ଡମି	୦.୬୦୦
	ଆସିରାବାଗ ଖାସେସା	୬୬୬	ବେସରକାରୀ	ଦାଣ୍ଡମି	୦.୬୦୦
	ଆସିରାବାଗ ଖାସେସା	୬୬୬	ବେସରକାରୀ	ଦାଣ୍ଡମି	୦.୦୫୦
	ଆସିରାବାଗ ଖାସେସା	୬୬୬	ବେସରକାରୀ	ଦାଣ୍ଡମି	୦.୦୫୦
	ଆସିରାବାଗ ଖାସେସା	୬୬୬	ବେସରକାରୀ	ଦାଣ୍ଡମି	୦.୦୫୦
	ଆସିରାବାଗ ଖାସେସା	୬୬୬/୬୬୬	ବେସରକାରୀ	ଦାଣ୍ଡମି	୦.୦୫୦
	ଆସିରାବାଗ ଖାସେସା	୬୬୬/୬୬୬	ବେସରକାରୀ	ଦାଣ୍ଡମି	୦.୦୫୦
	ଆସିରାବାଗ ଖାସେସା	୬୬୬/୬୬୬	ବେସରକାରୀ	ଦାଣ୍ଡମି	୦.୦୫୦
	ଆସିରାବାଗ ଖାସେସା	୬୬୬	ବେସରକାରୀ	ଦାଣ୍ଡମି	୦.୦୫୦
	ଆସିରାବାଗ ଖାସେସା	୬୬୬	ବେସରକାରୀ	ଦାଣ୍ଡମି	୦.୦୫୦
	ଆସିରାବାଗ ଖାସେସା	୬୬୬/୬୬୬	ବେସରକାରୀ	ରାସ୍ତା	୦.୦୫୦
	ଆସିରାବାଗ ଖାସେସା	୬୬୬/୬୬୬	ବେସରକାରୀ	ଦାଣ୍ଡମି	୦.୦୫୦
	ଆସିରାବାଗ ଖାସେସା	୬୬୬	ବେସରକାରୀ	ଦାଣ୍ଡମି	୦.୦୫୦
	ଆସିରାବାଗ ଖାସେସା	୬୬୬	ବେସରକାରୀ	ଜଳାଶୟ-୨	୦.୦୫୦
	ଆସିରାବାଗ ଖାସେସା	୬୬୬/୬୬୬	ବେସରକାରୀ	ଜଳାଶୟ-୨	୦.୦୫୦
	ଆସିରାବାଗ ଖାସେସା	୬୬୬	ବେସରକାରୀ	ଦାଣ୍ଡମି	୦.୦୫୦
	ଆସିରାବାଗ ଖାସେସା	୬୬୬/୬୬୬୬	ବେସରକାରୀ	ଜଳାଶୟ-୨	୦.୦୫୦
	ଆସିରାବାଗ ଖାସେସା	୬୬୬	ବେସରକାରୀ	ଦାଣ୍ଡମି	୦.୦୫୦
	ଆସିରାବାଗ ଖାସେସା	୬୬୬	ବେସରକାରୀ	ଦାଣ୍ଡମି	୦.୦୫୦
	ଆସିରାବାଗ ଖାସେସା	୬୬୬	ବେସରକାରୀ	ଦାଣ୍ଡମି	୦.୦୫୦
	ଆସିରାବାଗ ଖାସେସା	୬୬୬	ବେସରକାରୀ	ଦାଣ୍ଡମି	୦.୦୫୦
	ଆସିରାବାଗ ଖାସେସା	୬୬୬	ବେସରକାରୀ	ଦାଣ୍ଡମି	୦.୦୨୦
	ଆସିରାବାଗ ଖାସେସା	୬୬୬	ବେସରକାରୀ	ଦାଣ୍ଡମି	୦.୦୫୦
	ଆସିରାବାଗ ଖାସେସା	୬୬୬	ବେସରକାରୀ	ଦାଣ୍ଡମି	୦.୦୫୦
	ଆସିରାବାଗ ଖାସେସା	୬୬୬/୬୬୬	ବେସରକାରୀ	ଦାଣ୍ଡମି	୦.୦୫୦
	ଆସିରାବାଗ ଖାସେସା	୬୬୬	ବେସରକାରୀ	ଜଳାଶୟ-୨	୦.୦୫୦
	ଆସିରାବାଗ ଖାସେସା	୬୬୬	ବେସରକାରୀ	ଦାଣ୍ଡମି	୦.୦୫୦
	ଆସିରାବାଗ ଖାସେସା	୬୬୬	ବେସରକାରୀ	ଦାଣ୍ଡମି	୦.୦୫୦
	ଆସିରାବାଗ ଖାସେସା	୬୬୬	ବେସରକାରୀ	ରାସ୍ତା	୦.୦୫୦
	ଆସିରାବାଗ ଖାସେସା	୬୬୬	ବେସରକାରୀ	ଦାଣ୍ଡମି	୦.୦୫୦
	ଆସିରାବାଗ ଖାସେସା	୬୬୬	ବେସରକାରୀ	ଦାଣ୍ଡମି	୦.୦୫୦
	ଆସିରାବାଗ ଖାସେସା	୬୬୬	ବେସରକାରୀ	ଦାଣ୍ଡମି	୦.୦୫୦
	ଆସିରାବାଗ ଖାସେସା	୬୬୬	ବେସରକାରୀ	ଦାଣ୍ଡମି	୦.୦୫୦
	ଆସିରାବାଗ ଖାସେସା	୬୬୬	ବେସରକାରୀ	ଦାଣ୍ଡମି	୦.୦୫୦
	ଆସିରାବାଗ ଖାସେସା	୬୬୬	ବେସରକାରୀ	ପଡ଼ିଆ	୦.୦୫୦
	ଆସିରାବାଗ ଖାସେସା	୬୬୬	ବେସରକାରୀ	ଦାଣ୍ଡମି	୦.୦୫୦
	ଆସିରାବାଗ ଖାସେସା	୬୬୬	ବେସରକାରୀ	ଆହିଁ	୦.୦୫୦
	ଆସିରାବାଗ ଖାସେସା	୬୬୬	ବେସରକାରୀ	ଆହିଁ	୦.୦୫୦
	ଆସିରାବାଗ ଖାସେସା	୬୬୬	ବେସରକାରୀ	ଦାଣ୍ଡମି	୦.୦୫୦
	ଆସିରାବାଗ ଖାସେସା	୬୬୬	ବେସରକାରୀ	ଦାଣ୍ଡମି	୦.୦୫୦
	ଆସିରାବାଗ ଖାସେସା	୬୬୬/୬୬୬	ବେସରକାରୀ	ଦାଣ୍ଡମି	୦.୦୫୦
	ଆସିରାବାଗ ଖାସେସା	୬୬୬	ବେସରକାରୀ	ଦାଣ୍ଡମି	୦.୦୫୦
	ଆସିରାବାଗ ଖାସେସା	୬୬୬	ବେସରକାରୀ	ଦାଣ୍ଡମି	୦.୦୫୦
	ଆସିରାବାଗ ଖାସେସା	୬୬୬	ବେସରକାରୀ	ଜଳାଶୟ-୨	୦.୦୫୦
	ଆସିରାବାଗ ଖାସେସା	୬୬୬/୬୬୬	ବେସରକାରୀ	ଦାଣ୍ଡମି	୦.୦୫୦
	ଆସିରାବାଗ ଖାସେସା	୬୬୬	ବେସରକାରୀ	ଜଳାଶୟ-୨	୦.୦୫୦
୧୧.	ଉତର ବାଲୁଗଞ୍ଜ	୬୬୬	ବେସରକାରୀ	ଦାଣ୍ଡମି	୦.୦୫୦
	ଉତର ବାଲୁଗଞ୍ଜ	୬୬୬	ବେସରକାରୀ	ଦାଣ୍ଡମି	୦.୦୫୦
	ଉତର ବାଲୁଗଞ୍ଜ	୬୬୬	ବେସରକାରୀ	ଦାଣ୍ଡମି	୦.୦୫୦
	ଉତର ବାଲୁଗଞ୍ଜ	୬୬୬	ବେସରକାରୀ	ଦାଣ୍ଡମି	୦.୦୫୦
	ଉତର ବାଲୁଗଞ୍ଜ	୬୬୬/୬୬୬	ବେସରକାରୀ	ଦାଣ୍ଡମି	୦.୦୫୦
	ଉତର ବାଲୁଗଞ୍ଜ	୬୬୬	ବେସରକାରୀ	ଦାଣ୍ଡମି	୦.୦୫୦
	ଉତର ବାଲୁଗଞ୍ଜ	୬୬୬/୬୬୬	ବେସରକାରୀ	ଦାଣ୍ଡମି	୦.୦୫୦
	ଉତର ବାଲୁଗଞ୍ଜ	୬୬୬	ବେସରକାରୀ	ଦାଣ୍ଡମି	୦.୦୫୦
	ଉତର ବାଲୁଗଞ୍ଜ	୬୬୬	ବେସରକାରୀ	ଦାଣ୍ଡମି	୦.୦୫୦
	ଉତର ବାଲୁଗଞ୍ଜ	୬୬୬/୬୬୬	ବେସରକାରୀ	ଦାଣ୍ଡମି	୦.୦୫୦
	ଉତର ବାଲୁଗଞ୍ଜ	୬୬୬	ବେସରକାରୀ	ଦାଣ୍ଡମି	୦.୦୫୦
	ଉତର ବାଲୁଗଞ୍ଜ	୬୬୬	ବେସରକାରୀ	ଜଳାଶୟ-୨	୦.୦୫୦
	ଉତର ବାଲୁଗଞ୍ଜ	୬୬୬	ବେସରକାରୀ	ଆହିଁ	୦.୦୫୦
	ଉତର ବାଲୁଗଞ୍ଜ	୬୬୬	ବେସରକାରୀ	ଦାଣ୍ଡମି	୦.୦୫୦
	ଉତର ବାଲୁଗଞ୍ଜ	୬୬୬	ବେସରକାରୀ	ଦାଣ୍ଡମି	୦.୦୫୦
	ଉତର ବାଲୁଗଞ୍ଜ	୬୬୬	ବେସରକାରୀ	ଦାଣ୍ଡମି	୦.୦୫୦
	ଉତର ବାଲୁଗଞ୍ଜ	୬୬୬	ବେସରକାରୀ	ଦାଣ୍ଡମି	୦.୦୫୦
	ଉତର ବାଲୁଗଞ୍ଜ	୬୬୬	ବେସରକାରୀ	ଦାଣ୍ଡମି	୦.୦୫୦
	ଉତର ବାଲୁଗଞ୍ଜ	୬୬୬	ବେସରକାରୀ	ଦାଣ୍ଡମି	୦.୦୫୦
	ଉତର ବାଲୁଗଞ୍ଜ	୬୬୬	ବେସରକାରୀ	ଦାଣ୍ଡମି	୦.୦୫୦
	ଉତର ବାଲୁଗଞ୍ଜ	୬୬୬	ବେସରକାରୀ	ଦାଣ୍ଡମି	୦.୦୫୦
	ଉତର ବାଲୁଗଞ୍ଜ	୬୬୬	ବେସରକାରୀ	ଦାଣ୍ଡମି	୦.୦୫୦
	ଉତର ବାଲୁଗଞ୍ଜ	୬୬୬	ବେସରକାରୀ	ଦାଣ୍ଡମି	୦.୦୫୦
	ଉତର ବାଲୁଗଞ୍ଜ	୬୬୬	ବେସରକାରୀ	ଦାଣ୍ଡମି	୦.୦୫୦
	ଉତର ବାଲୁଗଞ୍ଜ	୬୬୬	ବେସରକାରୀ	ଦାଣ୍ଡମି	୦.୦୫୦
	ଉତର ବାଲୁଗଞ୍ଜ	୬୬୬	ବେସରକାରୀ	ଦାଣ୍ଡମି	୦.୦୫୦
	ଉତର ବାଲୁଗଞ୍ଜ	୬୬୬	ବେସରକାରୀ	ଦାଣ୍ଡମି	୦.୦୫୦
	ଉତର ବାଲୁଗଞ୍ଜ	୬୬୬	ବେସରକାରୀ	ଦାଣ୍ଡମି	୦.୦୫୦
	ଉତର ବାଲୁଗଞ୍ଜ	୬୬୬	ବେସରକାରୀ	ଦାଣ୍ଡମି	୦.୦୫୦
	ଉତର ବାଲୁଗଞ୍ଜ	୬୬୬	ବେସରକାରୀ	ଦାଣ୍ଡମି	୦.୦୫୦
	ଉତର ବାଲୁଗଞ୍ଜ	୬୬୬	ବେସରକାରୀ	ଦାଣ୍ଡମି	୦.୦୫୦
	ଉତର ବାଲୁଗଞ୍ଜ	୬୬୬	ବେସରକାରୀ	ଦାଣ୍ଡମି	୦.୦୫୦
	ଉତର ବାଲୁଗଞ୍ଜ	୬୬୬	ବେସରକାରୀ	ଦାଣ୍ଡମି	୦.୦୫୦
	ଉତର ବାଲୁଗଞ୍ଜ	୬୬୬	ବେସରକାରୀ	ଦାଣ୍ଡମି	୦.୦୫୦
	ଉତର ବାଲୁଗଞ୍ଜ	୬୬୬	ବେସରକାରୀ	ଦାଣ୍ଡମି	୦.୦୫୦
	ଉତର ବାଲୁଗଞ୍ଜ	୬୬୬	ବେସରକାରୀ	ଦାଣ୍ଡମି	୦.୦୫୦
	ଉତର ବାଲୁଗଞ୍ଜ	୬୬୬	ବେସରକାରୀ	ଦାଣ୍ଡମି	୦.୦୫୦
	ଉତର ବାଲୁଗଞ୍ଜ	୬୬୬	ବେସରକାରୀ	ଦାଣ୍ଡମି	୦.୦୫୦
	ଉତର ବାଲୁଗଞ୍ଜ	୬୬୬	ବେସରକାରୀ	ଦାଣ୍ଡମି	୦.୦୫୦
	ଉତର ବାଲୁଗଞ୍ଜ	୬୬୬	ବେସରକାରୀ	ଦାଣ୍ଡମି	୦.୦୫୦
	ଉତର ବାଲୁଗଞ୍ଜ	୬୬୬	ବେସରକାରୀ	ଦାଣ୍ଡମି	୦.୦୫୦
	ଉତର ବାଲୁଗଞ୍ଜ	୬୬୬	ବେସରକାରୀ	ଦାଣ୍ଡମି	୦.୦୫୦
	ଉତର ବାଲୁଗଞ୍ଜ	୬୬୬	ବେସରକାରୀ	ଦାଣ୍ଡମି	୦.୦୫୦
୧୨.	ବାଲୁଗଞ୍ଜି	୬୬୬/୬୬୬	ବେସରକାରୀ	ଦାଣ୍ଡମି	୦.୦୫୦
	ବାଲୁଗଞ୍ଜି	୬୬୬	ବେସରକାରୀ	ଦାଣ୍ଡମି	୦.୦୫୦
	ବାଲୁଗଞ୍ଜି	୬୬୬	ବେସରକାରୀ	ଦାଣ୍ଡମି	୦.୦୫୦
	ବାଲୁଗଞ୍ଜି	୬୬୬/୬୬୬	ବେସରକାରୀ	ଦାଣ୍ଡମି	୦.୦୫୦
SEE NEXT PAGE
